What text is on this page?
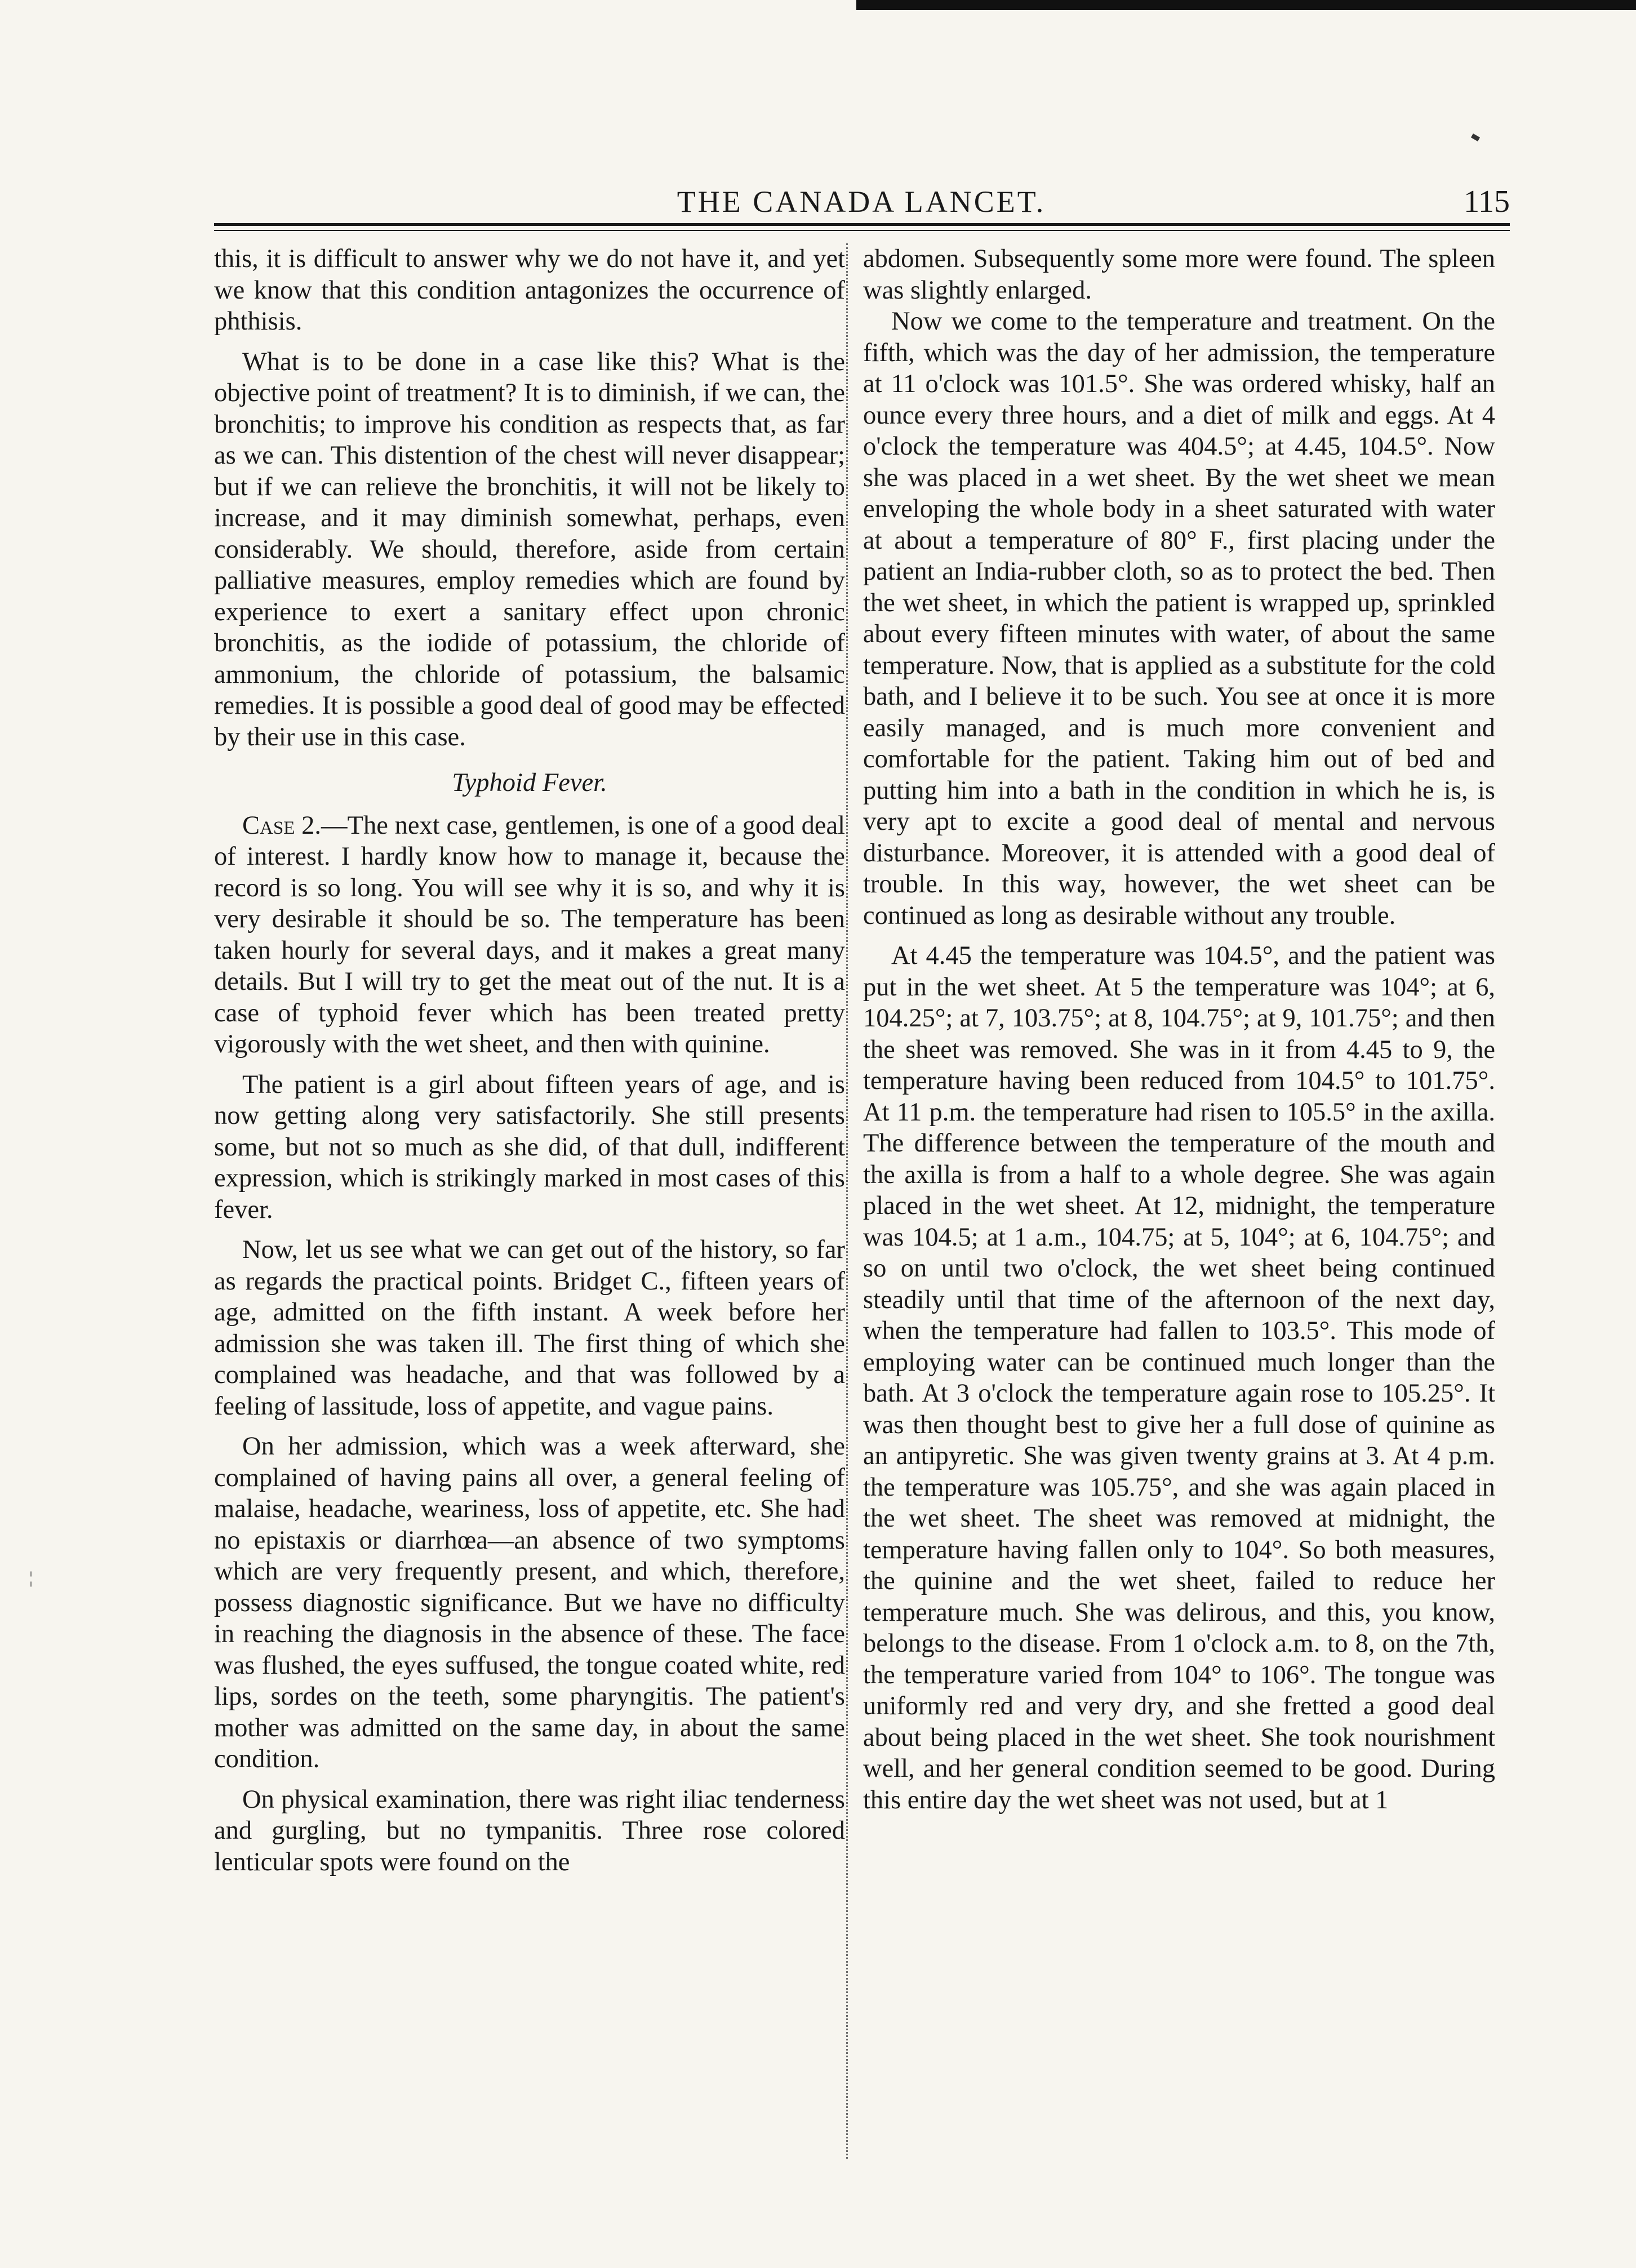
THE CANADA LANCET.	115

this, it is difficult to answer why we do not have it, and yet we know that this condition antagonizes the occurrence of phthisis.

What is to be done in a case like this? What is the objective point of treatment? It is to diminish, if we can, the bronchitis; to improve his condition as respects that, as far as we can. This distention of the chest will never disappear; but if we can relieve the bronchitis, it will not be likely to increase, and it may diminish somewhat, perhaps, even considerably. We should, therefore, aside from certain palliative measures, employ remedies which are found by experience to exert a sanitary effect upon chronic bronchitis, as the iodide of potassium, the chloride of ammonium, the chloride of potassium, the balsamic remedies. It is possible a good deal of good may be effected by their use in this case.

Typhoid Fever.

Case 2.—The next case, gentlemen, is one of a good deal of interest. I hardly know how to manage it, because the record is so long. You will see why it is so, and why it is very desirable it should be so. The temperature has been taken hourly for several days, and it makes a great many details. But I will try to get the meat out of the nut. It is a case of typhoid fever which has been treated pretty vigorously with the wet sheet, and then with quinine.

The patient is a girl about fifteen years of age, and is now getting along very satisfactorily. She still presents some, but not so much as she did, of that dull, indifferent expression, which is strikingly marked in most cases of this fever.

Now, let us see what we can get out of the history, so far as regards the practical points. Bridget C., fifteen years of age, admitted on the fifth instant. A week before her admission she was taken ill. The first thing of which she complained was headache, and that was followed by a feeling of lassitude, loss of appetite, and vague pains.

On her admission, which was a week afterward, she complained of having pains all over, a general feeling of malaise, headache, weariness, loss of appetite, etc. She had no epistaxis or diarrhœa—an absence of two symptoms which are very frequently present, and which, therefore, possess diagnostic significance. But we have no difficulty in reaching the diagnosis in the absence of these. The face was flushed, the eyes suffused, the tongue coated white, red lips, sordes on the teeth, some pharyngitis. The patient's mother was admitted on the same day, in about the same condition.

On physical examination, there was right iliac tenderness and gurgling, but no tympanitis. Three rose colored lenticular spots were found on the

abdomen. Subsequently some more were found. The spleen was slightly enlarged.

Now we come to the temperature and treatment. On the fifth, which was the day of her admission, the temperature at 11 o'clock was 101.5°. She was ordered whisky, half an ounce every three hours, and a diet of milk and eggs. At 4 o'clock the temperature was 404.5°; at 4.45, 104.5°. Now she was placed in a wet sheet. By the wet sheet we mean enveloping the whole body in a sheet saturated with water at about a temperature of 80° F., first placing under the patient an India-rubber cloth, so as to protect the bed. Then the wet sheet, in which the patient is wrapped up, sprinkled about every fifteen minutes with water, of about the same temperature. Now, that is applied as a substitute for the cold bath, and I believe it to be such. You see at once it is more easily managed, and is much more convenient and comfortable for the patient. Taking him out of bed and putting him into a bath in the condition in which he is, is very apt to excite a good deal of mental and nervous disturbance. Moreover, it is attended with a good deal of trouble. In this way, however, the wet sheet can be continued as long as desirable without any trouble.

At 4.45 the temperature was 104.5°, and the patient was put in the wet sheet. At 5 the temperature was 104°; at 6, 104.25°; at 7, 103.75°; at 8, 104.75°; at 9, 101.75°; and then the sheet was removed. She was in it from 4.45 to 9, the temperature having been reduced from 104.5° to 101.75°. At 11 p.m. the temperature had risen to 105.5° in the axilla. The difference between the temperature of the mouth and the axilla is from a half to a whole degree. She was again placed in the wet sheet. At 12, midnight, the temperature was 104.5; at 1 a.m., 104.75; at 5, 104°; at 6, 104.75°; and so on until two o'clock, the wet sheet being continued steadily until that time of the afternoon of the next day, when the temperature had fallen to 103.5°. This mode of employing water can be continued much longer than the bath. At 3 o'clock the temperature again rose to 105.25°. It was then thought best to give her a full dose of quinine as an antipyretic. She was given twenty grains at 3. At 4 p.m. the temperature was 105.75°, and she was again placed in the wet sheet. The sheet was removed at midnight, the temperature having fallen only to 104°. So both measures, the quinine and the wet sheet, failed to reduce her temperature much. She was delirous, and this, you know, belongs to the disease. From 1 o'clock a.m. to 8, on the 7th, the temperature varied from 104° to 106°. The tongue was uniformly red and very dry, and she fretted a good deal about being placed in the wet sheet. She took nourishment well, and her general condition seemed to be good. During this entire day the wet sheet was not used, but at 1

¦
